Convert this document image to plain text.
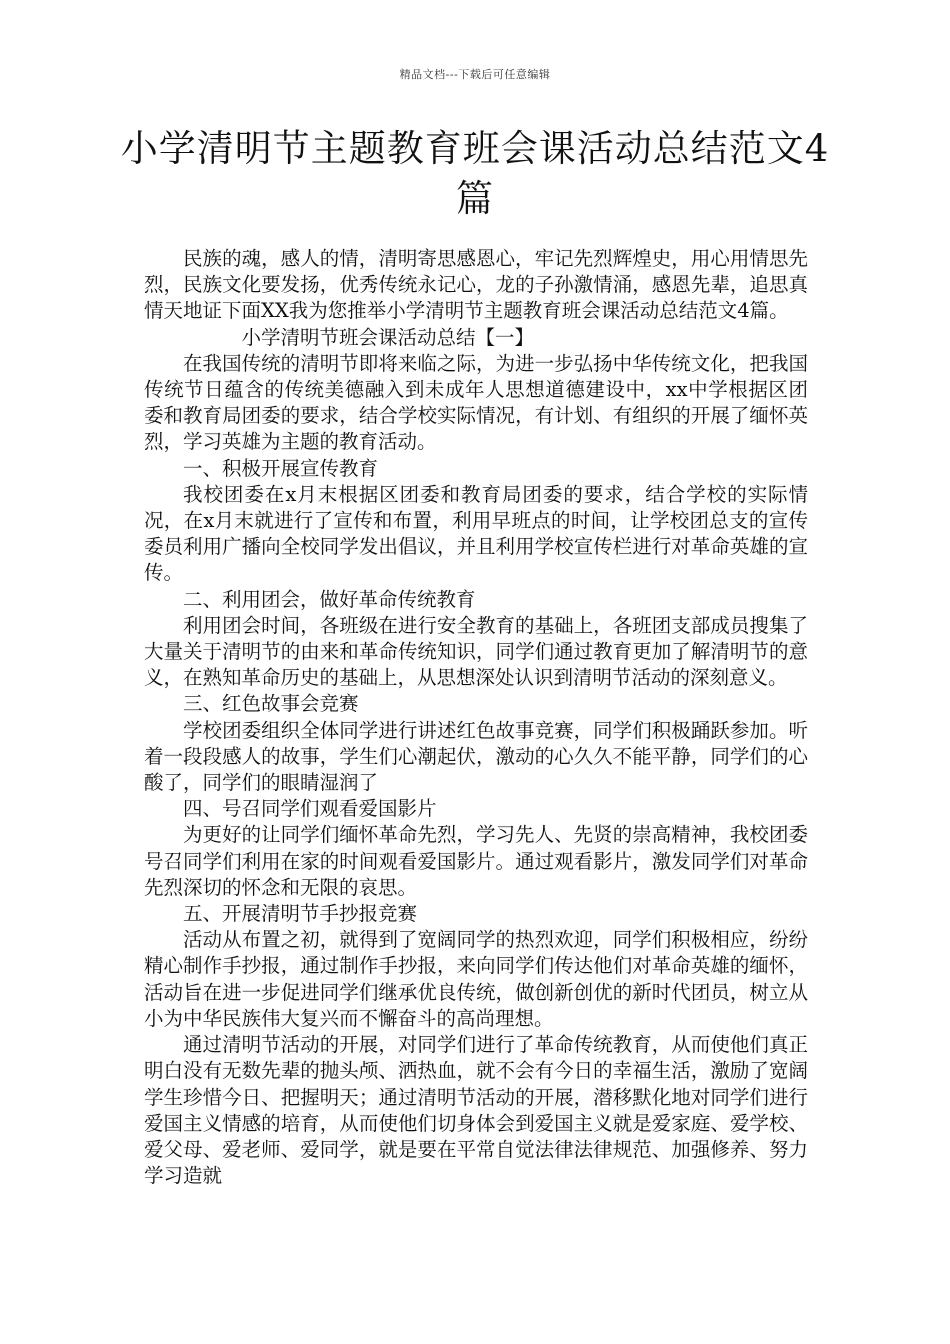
精品文档---下载后可任意编辑
小学清明节主题教育班会课活动总结范文4篇

民族的魂，感人的情，清明寄思感恩心，牢记先烈辉煌史，用心用情思先烈，民族文化要发扬，优秀传统永记心，龙的子孙激情涌，感恩先辈，追思真情天地证下面XX我为您推举小学清明节主题教育班会课活动总结范文4篇。

小学清明节班会课活动总结【一】

在我国传统的清明节即将来临之际，为进一步弘扬中华传统文化，把我国传统节日蕴含的传统美德融入到未成年人思想道德建设中，xx中学根据区团委和教育局团委的要求，结合学校实际情况，有计划、有组织的开展了缅怀英烈，学习英雄为主题的教育活动。

一、积极开展宣传教育

我校团委在x月末根据区团委和教育局团委的要求，结合学校的实际情况，在x月末就进行了宣传和布置，利用早班点的时间，让学校团总支的宣传委员利用广播向全校同学发出倡议，并且利用学校宣传栏进行对革命英雄的宣传。

二、利用团会，做好革命传统教育

利用团会时间，各班级在进行安全教育的基础上，各班团支部成员搜集了大量关于清明节的由来和革命传统知识，同学们通过教育更加了解清明节的意义，在熟知革命历史的基础上，从思想深处认识到清明节活动的深刻意义。

三、红色故事会竞赛

学校团委组织全体同学进行讲述红色故事竞赛，同学们积极踊跃参加。听着一段段感人的故事，学生们心潮起伏，激动的心久久不能平静，同学们的心酸了，同学们的眼睛湿润了

四、号召同学们观看爱国影片

为更好的让同学们缅怀革命先烈，学习先人、先贤的崇高精神，我校团委号召同学们利用在家的时间观看爱国影片。通过观看影片，激发同学们对革命先烈深切的怀念和无限的哀思。

五、开展清明节手抄报竞赛

活动从布置之初，就得到了宽阔同学的热烈欢迎，同学们积极相应，纷纷精心制作手抄报，通过制作手抄报，来向同学们传达他们对革命英雄的缅怀，活动旨在进一步促进同学们继承优良传统，做创新创优的新时代团员，树立从小为中华民族伟大复兴而不懈奋斗的高尚理想。

通过清明节活动的开展，对同学们进行了革命传统教育，从而使他们真正明白没有无数先辈的抛头颅、洒热血，就不会有今日的幸福生活，激励了宽阔学生珍惜今日、把握明天；通过清明节活动的开展，潜移默化地对同学们进行爱国主义情感的培育，从而使他们切身体会到爱国主义就是爱家庭、爱学校、爱父母、爱老师、爱同学，就是要在平常自觉法律法律规范、加强修养、努力学习造就
